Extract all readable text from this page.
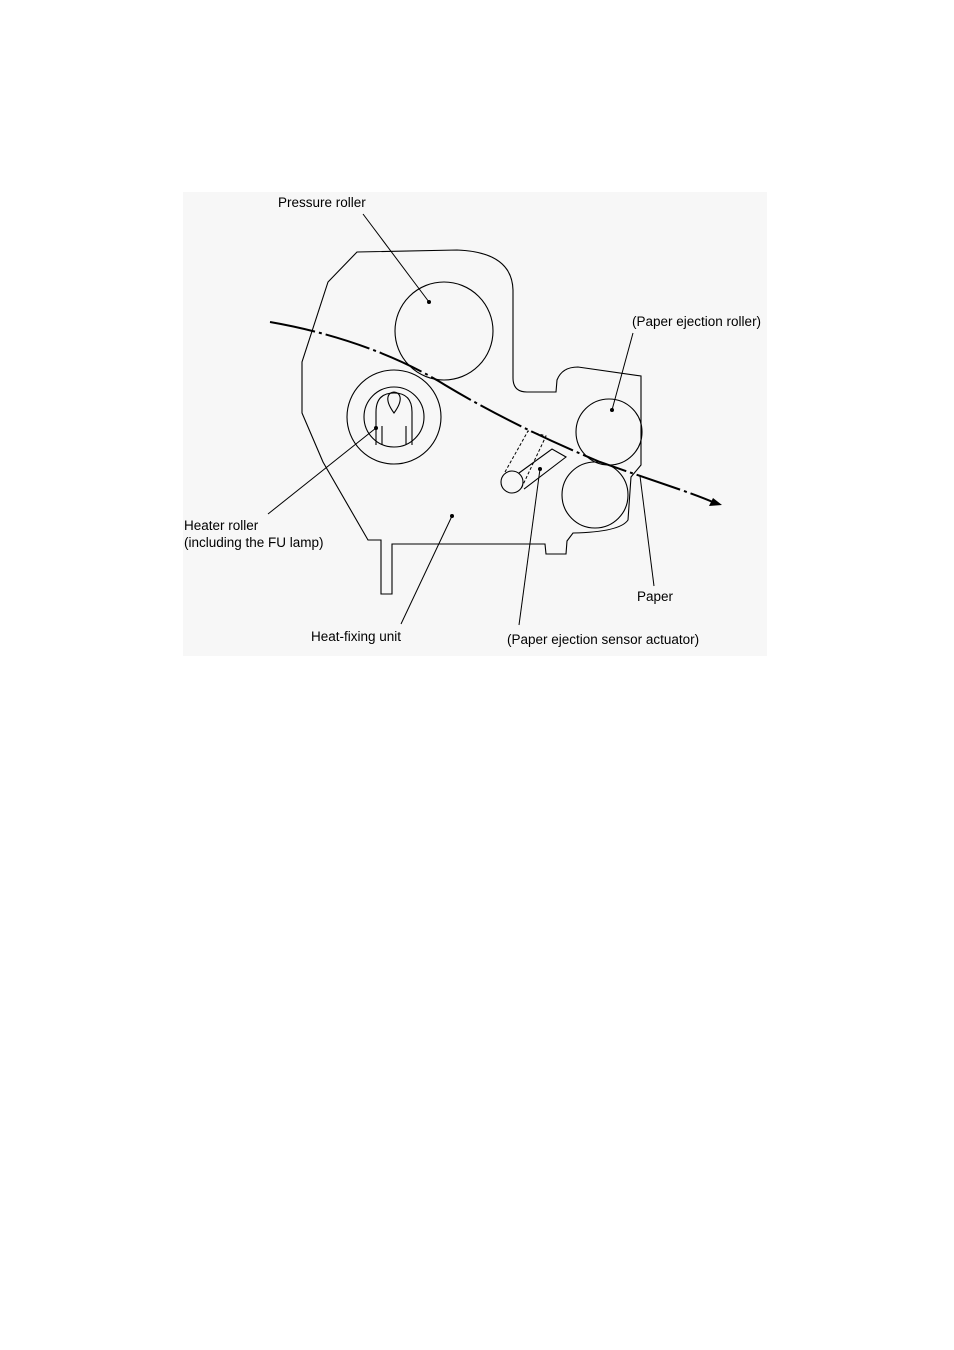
Pressure roller
(Paper ejection roller)
Heater roller
(including the FU lamp)
Heat-fixing unit	(Paper ejection sensor actuator)
Paper
